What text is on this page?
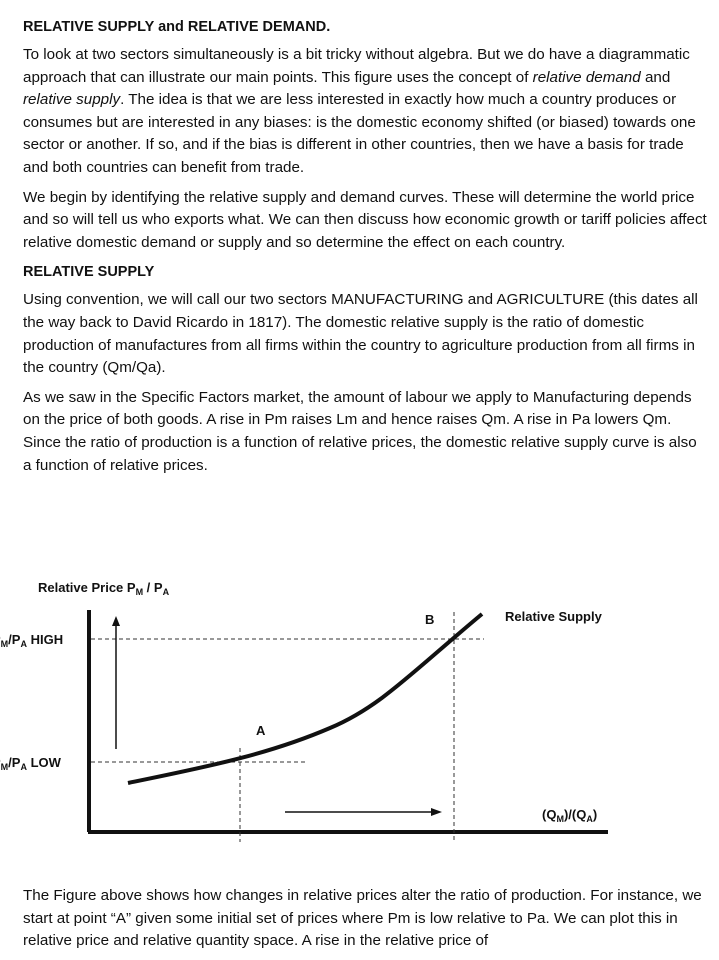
RELATIVE SUPPLY and RELATIVE DEMAND.

To look at two sectors simultaneously is a bit tricky without algebra. But we do have a diagrammatic approach that can illustrate our main points. This figure uses the concept of relative demand and relative supply. The idea is that we are less interested in exactly how much a country produces or consumes but are interested in any biases: is the domestic economy shifted (or biased) towards one sector or another. If so, and if the bias is different in other countries, then we have a basis for trade and both countries can benefit from trade.

We begin by identifying the relative supply and demand curves. These will determine the world price and so will tell us who exports what. We can then discuss how economic growth or tariff policies affect relative domestic demand or supply and so determine the effect on each country.

RELATIVE SUPPLY

Using convention, we will call our two sectors MANUFACTURING and AGRICULTURE (this dates all the way back to David Ricardo in 1817). The domestic relative supply is the ratio of domestic production of manufactures from all firms within the country to agriculture production from all firms in the country (Qm/Qa).

As we saw in the Specific Factors market, the amount of labour we apply to Manufacturing depends on the price of both goods. A rise in Pm raises Lm and hence raises Qm. A rise in Pa lowers Qm. Since the ratio of production is a function of relative prices, the domestic relative supply curve is also a function of relative prices.

Relative Price $P_M / P_A$
$_M/P_A$ HIGH
$_M/P_A$ LOW
A
B	Relative Supply
$(Q_M)/(Q_A)$

The Figure above shows how changes in relative prices alter the ratio of production. For instance, we start at point “A” given some initial set of prices where Pm is low relative to Pa. We can plot this in relative price and relative quantity space. A rise in the relative price of
